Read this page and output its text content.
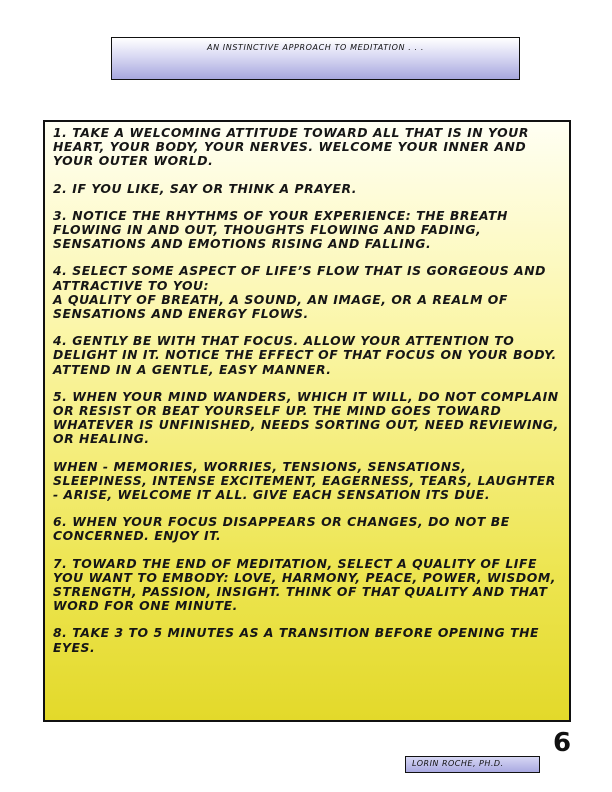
AN INSTINCTIVE APPROACH TO MEDITATION . . .

1. TAKE A WELCOMING ATTITUDE TOWARD ALL THAT IS IN YOUR HEART, YOUR BODY, YOUR NERVES. WELCOME YOUR INNER AND YOUR OUTER WORLD.

2. IF YOU LIKE, SAY OR THINK A PRAYER.

3. NOTICE THE RHYTHMS OF YOUR EXPERIENCE: THE BREATH FLOWING IN AND OUT, THOUGHTS FLOWING AND FADING, SENSATIONS AND EMOTIONS RISING AND FALLING.

4. SELECT SOME ASPECT OF LIFE’S FLOW THAT IS GORGEOUS AND ATTRACTIVE TO YOU:
A QUALITY OF BREATH, A SOUND, AN IMAGE, OR A REALM OF SENSATIONS AND ENERGY FLOWS.

4. GENTLY BE WITH THAT FOCUS. ALLOW YOUR ATTENTION TO DELIGHT IN IT. NOTICE THE EFFECT OF THAT FOCUS ON YOUR BODY. ATTEND IN A GENTLE, EASY MANNER.

5. WHEN YOUR MIND WANDERS, WHICH IT WILL, DO NOT COMPLAIN OR RESIST OR BEAT YOURSELF UP. THE MIND GOES TOWARD WHATEVER IS UNFINISHED, NEEDS SORTING OUT, NEED REVIEWING, OR HEALING.

WHEN - MEMORIES, WORRIES, TENSIONS, SENSATIONS, SLEEPINESS, INTENSE EXCITEMENT, EAGERNESS, TEARS, LAUGHTER - ARISE, WELCOME IT ALL. GIVE EACH SENSATION ITS DUE.

6. WHEN YOUR FOCUS DISAPPEARS OR CHANGES, DO NOT BE CONCERNED. ENJOY IT.

7. TOWARD THE END OF MEDITATION, SELECT A QUALITY OF LIFE YOU WANT TO EMBODY: LOVE, HARMONY, PEACE, POWER, WISDOM, STRENGTH, PASSION, INSIGHT. THINK OF THAT QUALITY AND THAT WORD FOR ONE MINUTE.

8. TAKE 3 TO 5 MINUTES AS A TRANSITION BEFORE OPENING THE EYES.

6
LORIN ROCHE, PH.D.
